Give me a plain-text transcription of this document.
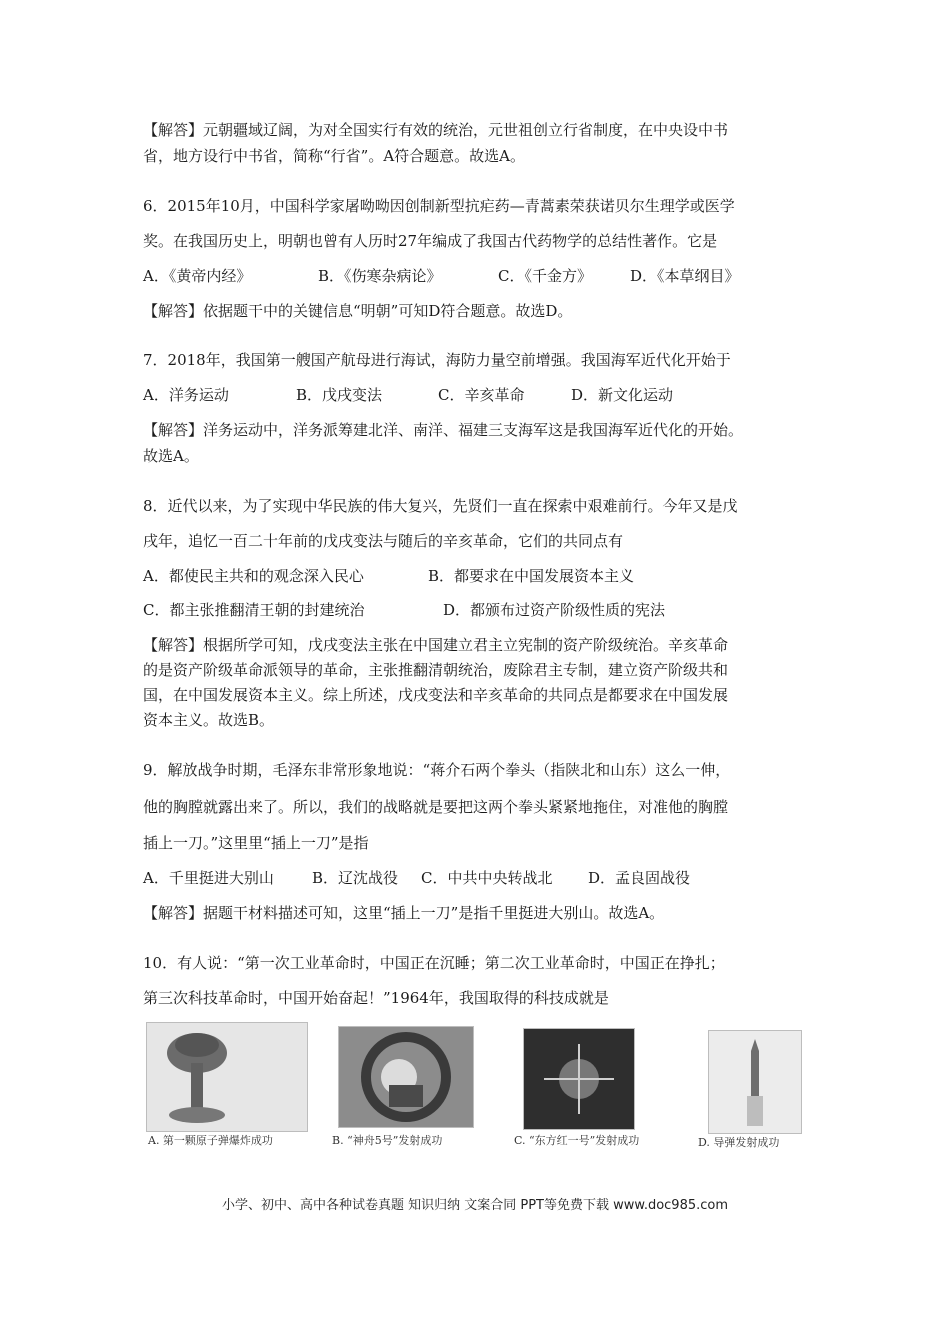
【解答】元朝疆域辽阔，为对全国实行有效的统治，元世祖创立行省制度，在中央设中书
省，地方设行中书省，简称“行省”。A符合题意。故选A。
6．2015年10月，中国科学家屠呦呦因创制新型抗疟药—青蒿素荣获诺贝尔生理学或医学
奖。在我国历史上，明朝也曾有人历时27年编成了我国古代药物学的总结性著作。它是
A．《黄帝内经》	B．《伤寒杂病论》	C．《千金方》	D．《本草纲目》
【解答】依据题干中的关键信息“明朝”可知D符合题意。故选D。
7．2018年，我国第一艘国产航母进行海试，海防力量空前增强。我国海军近代化开始于
A．洋务运动	B．戊戌变法	C．辛亥革命	D．新文化运动
【解答】洋务运动中，洋务派筹建北洋、南洋、福建三支海军这是我国海军近代化的开始。
故选A。
8．近代以来，为了实现中华民族的伟大复兴，先贤们一直在探索中艰难前行。今年又是戊
戌年，追忆一百二十年前的戊戌变法与随后的辛亥革命，它们的共同点有
A．都使民主共和的观念深入民心	B．都要求在中国发展资本主义
C．都主张推翻清王朝的封建统治	D．都颁布过资产阶级性质的宪法
【解答】根据所学可知，戊戌变法主张在中国建立君主立宪制的资产阶级统治。辛亥革命
的是资产阶级革命派领导的革命，主张推翻清朝统治，废除君主专制，建立资产阶级共和
国，在中国发展资本主义。综上所述，戊戌变法和辛亥革命的共同点是都要求在中国发展
资本主义。故选B。
9．解放战争时期，毛泽东非常形象地说：“蒋介石两个拳头（指陕北和山东）这么一伸，
他的胸膛就露出来了。所以，我们的战略就是要把这两个拳头紧紧地拖住，对准他的胸膛
插上一刀。”这里里“插上一刀”是指
A．千里挺进大别山	B．辽沈战役 C．中共中央转战北 D．孟良固战役
【解答】据题干材料描述可知，这里“插上一刀”是指千里挺进大别山。故选A。
10．有人说：“第一次工业革命时，中国正在沉睡；第二次工业革命时，中国正在挣扎；
第三次科技革命时，中国开始奋起！”1964年，我国取得的科技成就是
A. 第一颗原子弹爆炸成功	B. “神舟5号”发射成功	C. “东方红一号”发射成功	D. 导弹发射成功
小学、初中、高中各种试卷真题 知识归纳 文案合同 PPT等免费下载 www.doc985.com
